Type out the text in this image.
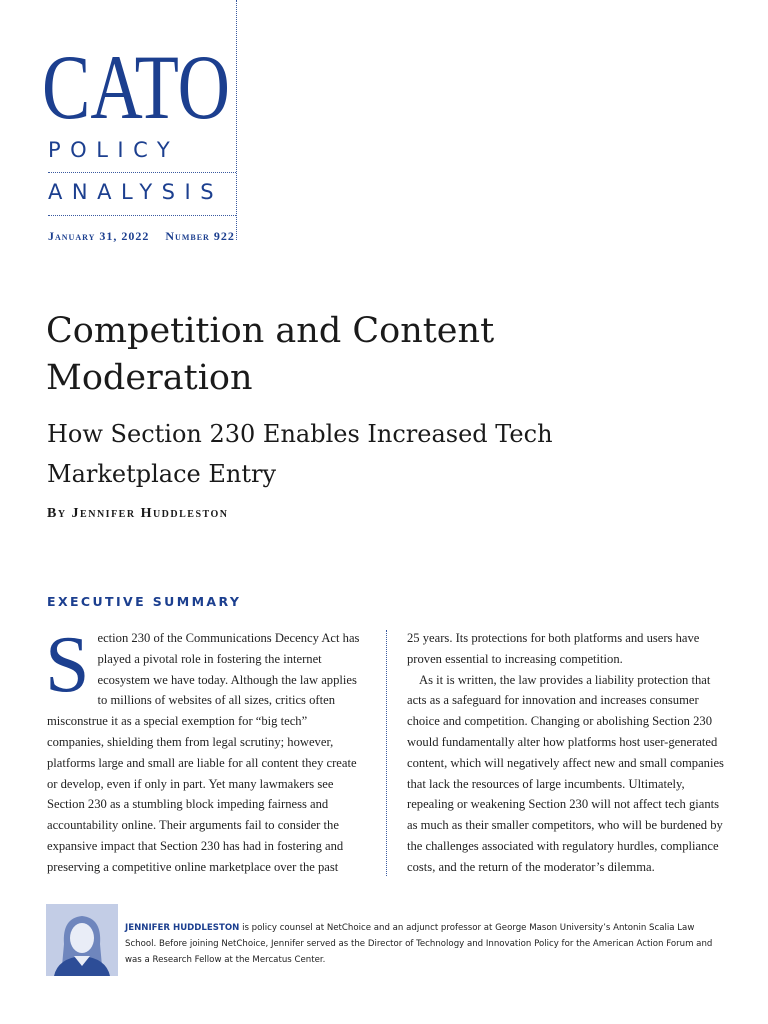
CATO
POLICY
ANALYSIS
January 31, 2022 Number 922
Competition and Content Moderation
How Section 230 Enables Increased Tech Marketplace Entry
By Jennifer Huddleston
EXECUTIVE SUMMARY
S ection 230 of the Communications Decency Act has played a pivotal role in fostering the internet ecosystem we have today. Although the law applies to millions of websites of all sizes, critics often misconstrue it as a special exemption for “big tech” companies, shielding them from legal scrutiny; however, platforms large and small are liable for all content they create or develop, even if only in part. Yet many lawmakers see Section 230 as a stumbling block impeding fairness and accountability online. Their arguments fail to consider the expansive impact that Section 230 has had in fostering and preserving a competitive online marketplace over the past

25 years. Its protections for both platforms and users have proven essential to increasing competition.

As it is written, the law provides a liability protection that acts as a safeguard for innovation and increases consumer choice and competition. Changing or abolishing Section 230 would fundamentally alter how platforms host user-generated content, which will negatively affect new and small companies that lack the resources of large incumbents. Ultimately, repealing or weakening Section 230 will not affect tech giants as much as their smaller competitors, who will be burdened by the challenges associated with regulatory hurdles, compliance costs, and the return of the moderator’s dilemma.

JENNIFER HUDDLESTON is policy counsel at NetChoice and an adjunct professor at George Mason University’s Antonin Scalia Law School. Before joining NetChoice, Jennifer served as the Director of Technology and Innovation Policy for the American Action Forum and was a Research Fellow at the Mercatus Center.
